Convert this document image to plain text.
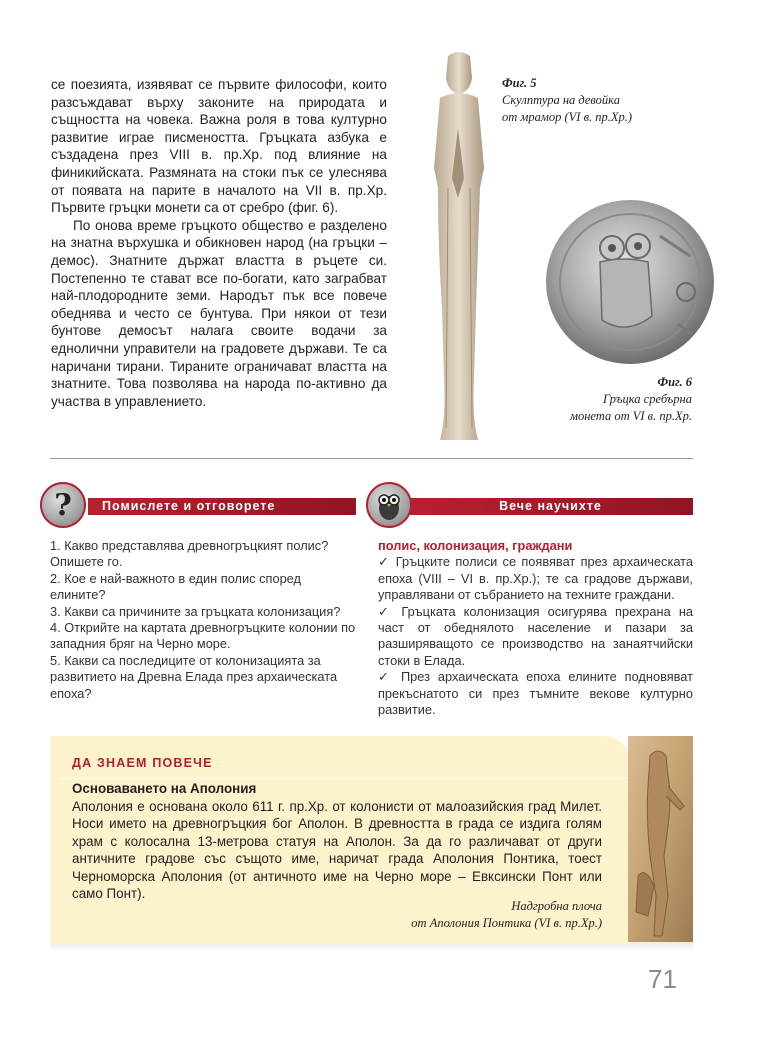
се поезията, изявяват се първите философи, които разсъждават върху законите на природата и същността на човека. Важна роля в това културно развитие играе писмеността. Гръцката азбука е създадена през VIII в. пр.Хр. под влияние на финикийската. Размяната на стоки пък се улеснява от появата на парите в началото на VII в. пр.Хр. Първите гръцки монети са от сребро (фиг. 6).

По онова време гръцкото общество е разделено на знатна върхушка и обикновен народ (на гръцки – демос). Знатните държат властта в ръцете си. Постепенно те стават все по-богати, като заграбват най-плодородните земи. Народът пък все повече обеднява и често се бунтува. При някои от тези бунтове демосът налага своите водачи за еднолични управители на градовете държави. Те са наричани тирани. Тираните ограничават властта на знатните. Това позволява на народа по-активно да участва в управлението.

Фиг. 5
Скулптура на девойка
от мрамор (VI в. пр.Хр.)
Фиг. 6
Гръцка сребърна
монета от VI в. пр.Хр.
Помислете и отговорете
?
1. Какво представлява древногръцкият полис? Опишете го.
2. Кое е най-важното в един полис според елините?
3. Какви са причините за гръцката колонизация?
4. Открийте на картата древногръцките колонии по западния бряг на Черно море.
5. Какви са последиците от колонизацията за развитието на Древна Елада през архаическата епоха?
Вече научихте
полис, колонизация, граждани
✓ Гръцките полиси се появяват през архаическата епоха (VIII – VI в. пр.Хр.); те са градове държави, управлявани от събранието на техните граждани.
✓ Гръцката колонизация осигурява прехрана на част от обеднялото население и пазари за разширяващото се производство на занаятчийски стоки в Елада.
✓ През архаическата епоха елините подновяват прекъснатото си през тъмните векове културно развитие.
ДА ЗНАЕМ ПОВЕЧЕ
Основаването на Аполония
Аполония е основана около 611 г. пр.Хр. от колонисти от малоазийския град Милет. Носи името на древногръцкия бог Аполон. В древността в града се издига голям храм с колосална 13-метрова статуя на Аполон. За да го различават от други античните градове със същото име, наричат града Аполония Понтика, тоест Черноморска Аполония (от античното име на Черно море – Евксински Понт или само Понт).
Надгробна плоча
от Аполония Понтика (VI в. пр.Хр.)
71
